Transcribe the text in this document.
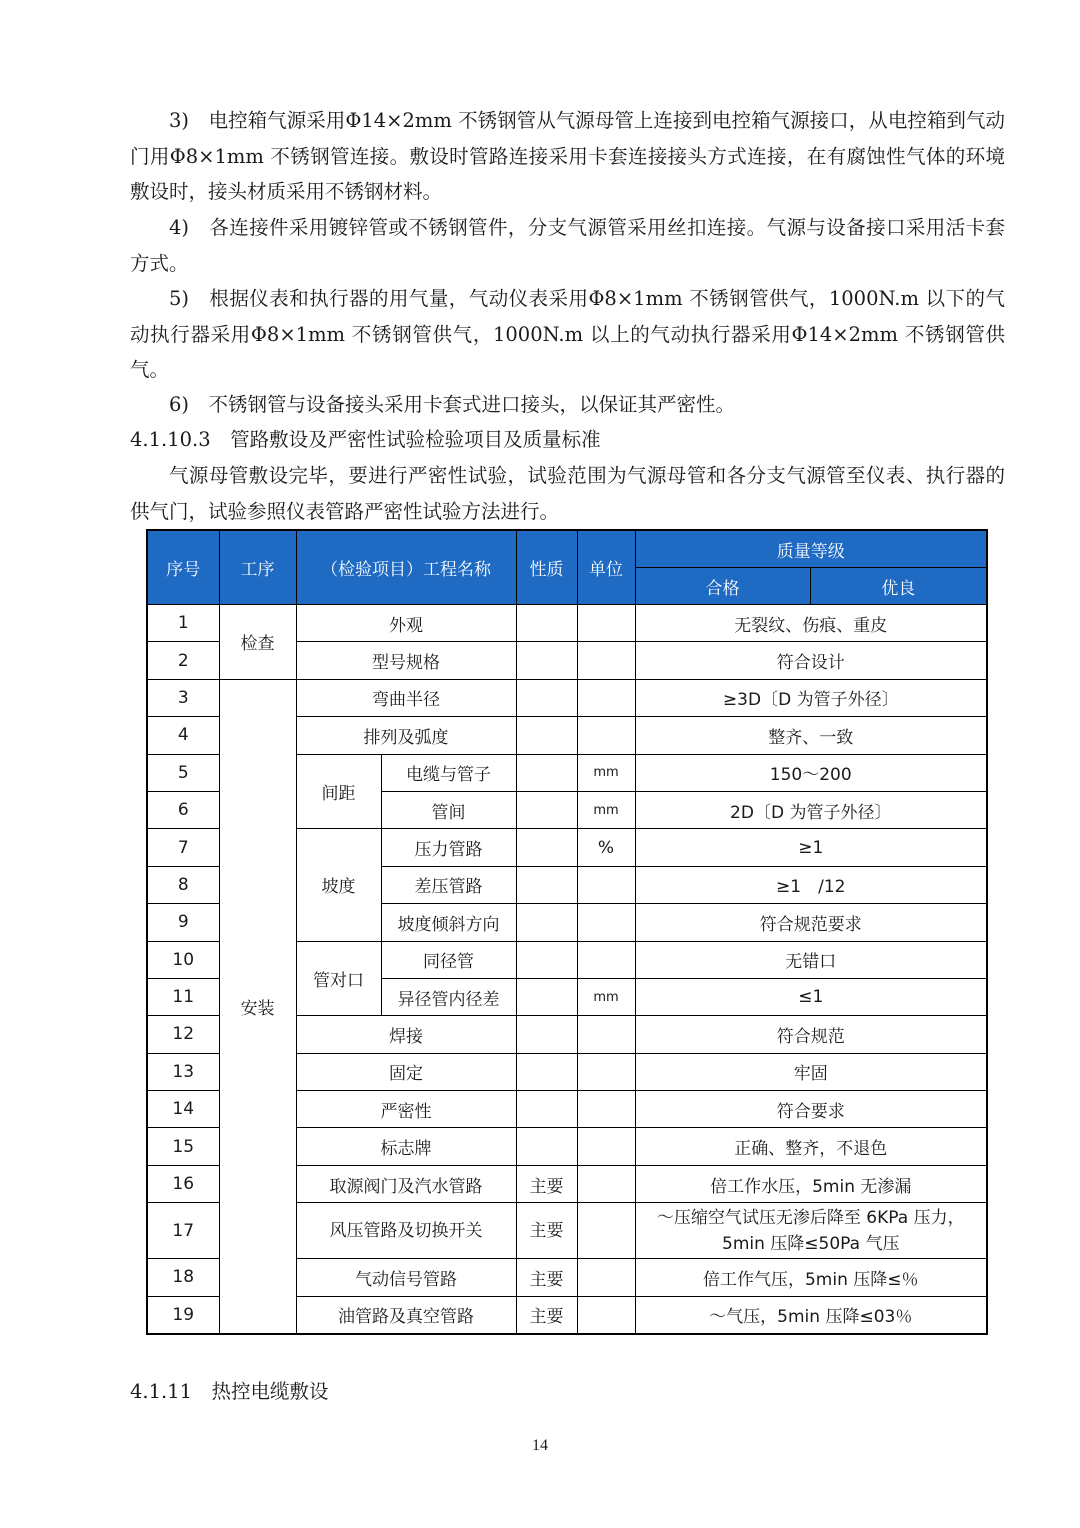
3)　电控箱气源采用Φ14×2mm 不锈钢管从气源母管上连接到电控箱气源接口，从电控箱到气动门用Φ8×1mm 不锈钢管连接。敷设时管路连接采用卡套连接接头方式连接，在有腐蚀性气体的环境敷设时，接头材质采用不锈钢材料。

4)　各连接件采用镀锌管或不锈钢管件，分支气源管采用丝扣连接。气源与设备接口采用活卡套方式。

5)　根据仪表和执行器的用气量，气动仪表采用Φ8×1mm 不锈钢管供气，1000N.m 以下的气动执行器采用Φ8×1mm 不锈钢管供气，1000N.m 以上的气动执行器采用Φ14×2mm 不锈钢管供气。

6)　不锈钢管与设备接头采用卡套式进口接头，以保证其严密性。

4.1.10.3　管路敷设及严密性试验检验项目及质量标准

气源母管敷设完毕，要进行严密性试验，试验范围为气源母管和各分支气源管至仪表、执行器的供气门，试验参照仪表管路严密性试验方法进行。

序号	工序	（检验项目）工程名称		性质	单位	质量等级	
						合格	优良
1	检查	外观				无裂纹、伤痕、重皮	
2		型号规格				符合设计	
3	安装	弯曲半径				≥3D〔D 为管子外径〕	
4		排列及弧度				整齐、一致	
5		间距	电缆与管子		mm	150～200	
6			管间		mm	2D〔D 为管子外径〕	
7		坡度	压力管路		%	≥1	
8			差压管路			≥1　/12	
9			坡度倾斜方向			符合规范要求	
10		管对口	同径管			无错口	
11			异径管内径差		mm	≤1	
12		焊接				符合规范	
13		固定				牢固	
14		严密性				符合要求	
15		标志牌				正确、整齐，不退色	
16		取源阀门及汽水管路		主要		倍工作水压，5min 无渗漏	
17		风压管路及切换开关		主要		～压缩空气试压无渗后降至 6KPa 压力，
5min 压降≤50Pa 气压	

18		气动信号管路		主要		倍工作气压，5min 压降≤％	
19		油管路及真空管路		主要		～气压，5min 压降≤03％	

4.1.11　热控电缆敷设

14
